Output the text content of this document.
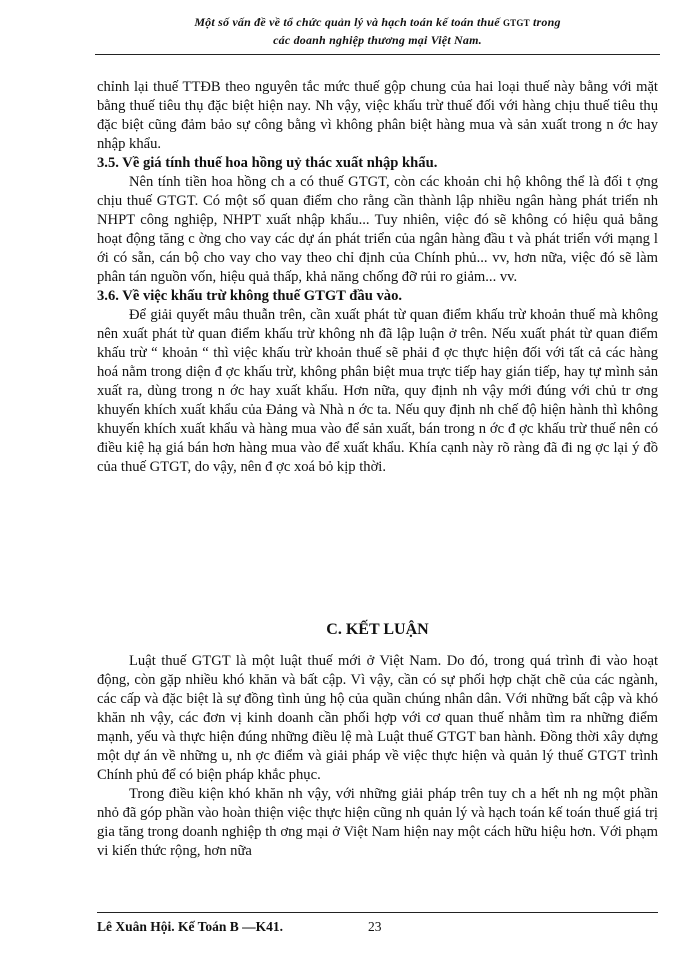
Một số vấn đề về tổ chức quản lý và hạch toán kế toán thuế GTGT trong
các doanh nghiệp thương mại Việt Nam.

chỉnh lại thuế TTĐB theo nguyên tắc mức thuế gộp chung của hai loại thuế này bằng với mặt bằng thuế tiêu thụ đặc biệt hiện nay. Nh vậy, việc khấu trừ thuế đối với hàng chịu thuế tiêu thụ đặc biệt cũng đảm bảo sự công bằng vì không phân biệt hàng mua và sản xuất trong n ớc hay nhập khẩu.

3.5. Về giá tính thuế hoa hồng uỷ thác xuất nhập khẩu.

Nên tính tiền hoa hồng ch a có thuế GTGT, còn các khoản chi hộ không thể là đối t ợng chịu thuế GTGT. Có một số quan điểm cho rằng cần thành lập nhiều ngân hàng phát triển nh NHPT công nghiệp, NHPT xuất nhập khẩu... Tuy nhiên, việc đó sẽ không có hiệu quả bằng hoạt động tăng c ờng cho vay các dự án phát triển của ngân hàng đầu t và phát triển với mạng l ới có sẵn, cán bộ cho vay cho vay theo chỉ định của Chính phủ... vv, hơn nữa, việc đó sẽ làm phân tán nguồn vốn, hiệu quả thấp, khả năng chống đỡ rủi ro giảm... vv.

3.6. Về việc khấu trừ không thuế GTGT đầu vào.

Để giải quyết mâu thuẫn trên, cần xuất phát từ quan điểm khấu trừ khoản thuế mà không nên xuất phát từ quan điểm khấu trừ không nh đã lập luận ở trên. Nếu xuất phát từ quan điểm khấu trừ “ khoản “ thì việc khấu trừ khoản thuế sẽ phải đ ợc thực hiện đối với tất cả các hàng hoá nằm trong diện đ ợc khấu trừ, không phân biệt mua trực tiếp hay gián tiếp, hay tự mình sản xuất ra, dùng trong n ớc hay xuất khẩu. Hơn nữa, quy định nh vậy mới đúng với chủ tr ơng khuyến khích xuất khẩu của Đảng và Nhà n ớc ta. Nếu quy định nh chế độ hiện hành thì không khuyến khích xuất khẩu và hàng mua vào để sản xuất, bán trong n ớc đ ợc khấu trừ thuế nên có điều kiệ hạ giá bán hơn hàng mua vào để xuất khẩu. Khía cạnh này rõ ràng đã đi ng ợc lại ý đồ của thuế GTGT, do vậy, nên đ ợc xoá bỏ kịp thời.

C. KẾT LUẬN

Luật thuế GTGT là một luật thuế mới ở Việt Nam. Do đó, trong quá trình đi vào hoạt động, còn gặp nhiều khó khăn và bất cập. Vì vậy, cần có sự phối hợp chặt chẽ của các ngành, các cấp và đặc biệt là sự đồng tình ủng hộ của quần chúng nhân dân. Với những bất cập và khó khăn nh vậy, các đơn vị kinh doanh cần phối hợp với cơ quan thuế nhằm tìm ra những điểm mạnh, yếu và thực hiện đúng những điều lệ mà Luật thuế GTGT ban hành. Đồng thời xây dựng một dự án về những u, nh ợc điểm và giải pháp về việc thực hiện và quản lý thuế GTGT trình Chính phủ để có biện pháp khắc phục.

Trong điều kiện khó khăn nh vậy, với những giải pháp trên tuy ch a hết nh ng một phần nhỏ đã góp phần vào hoàn thiện việc thực hiện cũng nh quản lý và hạch toán kế toán thuế giá trị gia tăng trong doanh nghiệp th ơng mại ở Việt Nam hiện nay một cách hữu hiệu hơn. Với phạm vi kiến thức rộng, hơn nữa

Lê Xuân Hội. Kế Toán B —K41.	23
